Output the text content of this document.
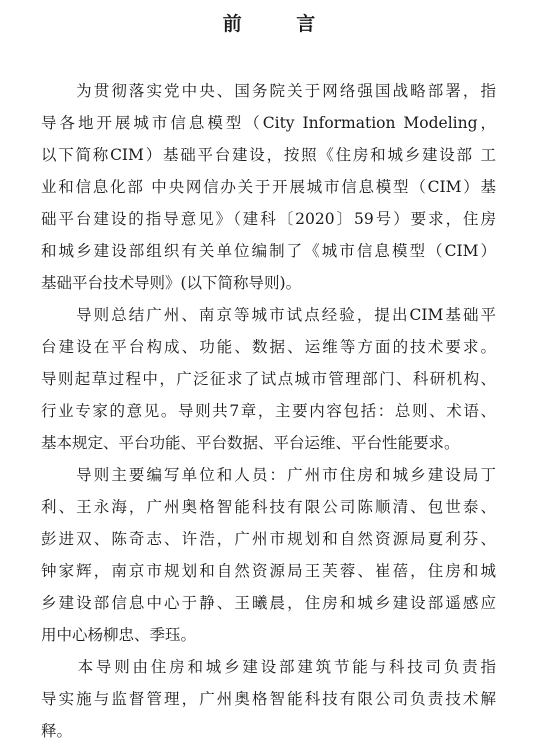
前 言

　　为贯彻落实党中央、国务院关于网络强国战略部署，指
导各地开展城市信息模型（City Information Modeling，
以下简称CIM）基础平台建设，按照《住房和城乡建设部 工
业和信息化部 中央网信办关于开展城市信息模型（CIM）基
础平台建设的指导意见》（建科〔2020〕59号）要求，住房
和城乡建设部组织有关单位编制了《城市信息模型（CIM）
基础平台技术导则》(以下简称导则)。

　　导则总结广州、南京等城市试点经验，提出CIM基础平
台建设在平台构成、功能、数据、运维等方面的技术要求。
导则起草过程中，广泛征求了试点城市管理部门、科研机构、
行业专家的意见。导则共7章，主要内容包括：总则、术语、
基本规定、平台功能、平台数据、平台运维、平台性能要求。

　　导则主要编写单位和人员：广州市住房和城乡建设局丁
利、王永海，广州奥格智能科技有限公司陈顺清、包世泰、
彭进双、陈奇志、许浩，广州市规划和自然资源局夏利芬、
钟家辉，南京市规划和自然资源局王芙蓉、崔蓓，住房和城
乡建设部信息中心于静、王曦晨，住房和城乡建设部遥感应
用中心杨柳忠、季珏。

　　本导则由住房和城乡建设部建筑节能与科技司负责指
导实施与监督管理，广州奥格智能科技有限公司负责技术解
释。
